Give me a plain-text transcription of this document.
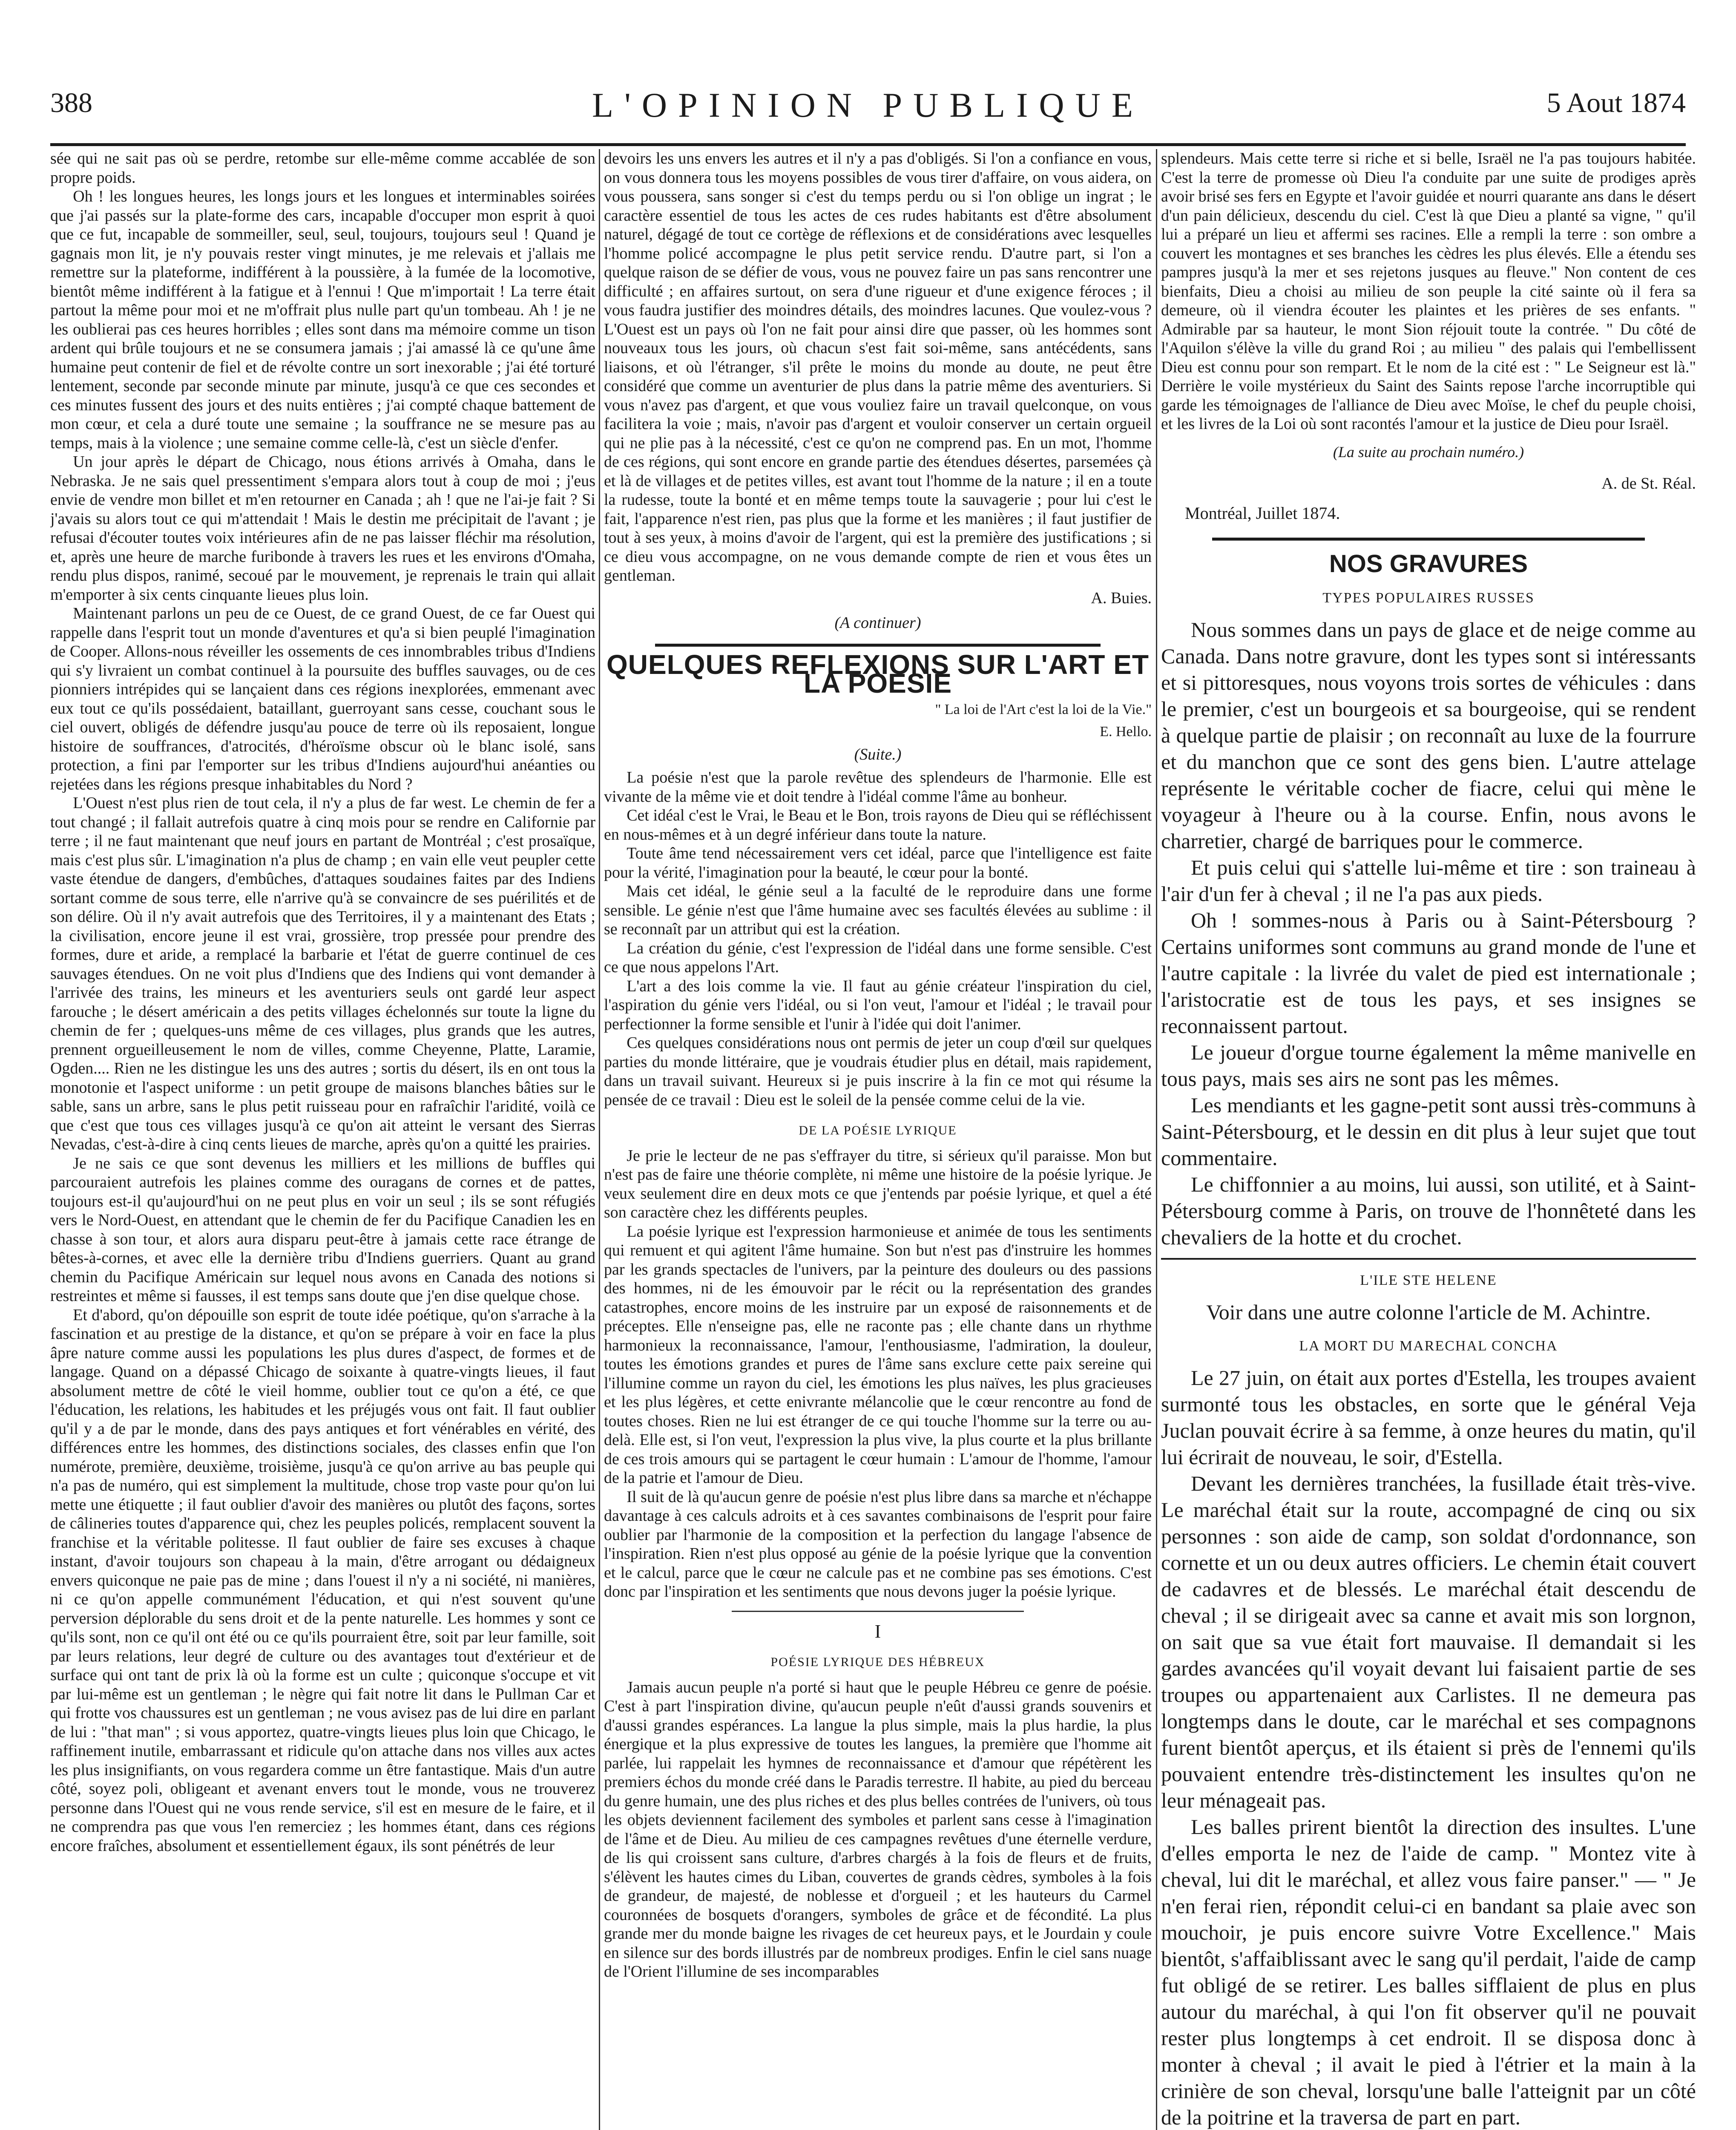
388	L'OPINION PUBLIQUE	5 Aout 1874

sée qui ne sait pas où se perdre, retombe sur elle-même comme accablée de son propre poids.

Oh ! les longues heures, les longs jours et les longues et interminables soirées que j'ai passés sur la plate-forme des cars, incapable d'occuper mon esprit à quoi que ce fut, incapable de sommeiller, seul, seul, toujours, toujours seul ! Quand je gagnais mon lit, je n'y pouvais rester vingt minutes, je me relevais et j'allais me remettre sur la plateforme, indifférent à la poussière, à la fumée de la locomotive, bientôt même indifférent à la fatigue et à l'ennui ! Que m'importait ! La terre était partout la même pour moi et ne m'offrait plus nulle part qu'un tombeau. Ah ! je ne les oublierai pas ces heures horribles ; elles sont dans ma mémoire comme un tison ardent qui brûle toujours et ne se consumera jamais ; j'ai amassé là ce qu'une âme humaine peut contenir de fiel et de révolte contre un sort inexorable ; j'ai été torturé lentement, seconde par seconde minute par minute, jusqu'à ce que ces secondes et ces minutes fussent des jours et des nuits entières ; j'ai compté chaque battement de mon cœur, et cela a duré toute une semaine ; la souffrance ne se mesure pas au temps, mais à la violence ; une semaine comme celle-là, c'est un siècle d'enfer.

Un jour après le départ de Chicago, nous étions arrivés à Omaha, dans le Nebraska. Je ne sais quel pressentiment s'empara alors tout à coup de moi ; j'eus envie de vendre mon billet et m'en retourner en Canada ; ah ! que ne l'ai-je fait ? Si j'avais su alors tout ce qui m'attendait ! Mais le destin me précipitait de l'avant ; je refusai d'écouter toutes voix intérieures afin de ne pas laisser fléchir ma résolution, et, après une heure de marche furibonde à travers les rues et les environs d'Omaha, rendu plus dispos, ranimé, secoué par le mouvement, je reprenais le train qui allait m'emporter à six cents cinquante lieues plus loin.

Maintenant parlons un peu de ce Ouest, de ce grand Ouest, de ce far Ouest qui rappelle dans l'esprit tout un monde d'aventures et qu'a si bien peuplé l'imagination de Cooper. Allons-nous réveiller les ossements de ces innombrables tribus d'Indiens qui s'y livraient un combat continuel à la poursuite des buffles sauvages, ou de ces pionniers intrépides qui se lançaient dans ces régions inexplorées, emmenant avec eux tout ce qu'ils possédaient, bataillant, guerroyant sans cesse, couchant sous le ciel ouvert, obligés de défendre jusqu'au pouce de terre où ils reposaient, longue histoire de souffrances, d'atrocités, d'héroïsme obscur où le blanc isolé, sans protection, a fini par l'emporter sur les tribus d'Indiens aujourd'hui anéanties ou rejetées dans les régions presque inhabitables du Nord ?

L'Ouest n'est plus rien de tout cela, il n'y a plus de far west. Le chemin de fer a tout changé ; il fallait autrefois quatre à cinq mois pour se rendre en Californie par terre ; il ne faut maintenant que neuf jours en partant de Montréal ; c'est prosaïque, mais c'est plus sûr. L'imagination n'a plus de champ ; en vain elle veut peupler cette vaste étendue de dangers, d'embûches, d'attaques soudaines faites par des Indiens sortant comme de sous terre, elle n'arrive qu'à se convaincre de ses puérilités et de son délire. Où il n'y avait autrefois que des Territoires, il y a maintenant des Etats ; la civilisation, encore jeune il est vrai, grossière, trop pressée pour prendre des formes, dure et aride, a remplacé la barbarie et l'état de guerre continuel de ces sauvages étendues. On ne voit plus d'Indiens que des Indiens qui vont demander à l'arrivée des trains, les mineurs et les aventuriers seuls ont gardé leur aspect farouche ; le désert américain a des petits villages échelonnés sur toute la ligne du chemin de fer ; quelques-uns même de ces villages, plus grands que les autres, prennent orgueilleusement le nom de villes, comme Cheyenne, Platte, Laramie, Ogden.... Rien ne les distingue les uns des autres ; sortis du désert, ils en ont tous la monotonie et l'aspect uniforme : un petit groupe de maisons blanches bâties sur le sable, sans un arbre, sans le plus petit ruisseau pour en rafraîchir l'aridité, voilà ce que c'est que tous ces villages jusqu'à ce qu'on ait atteint le versant des Sierras Nevadas, c'est-à-dire à cinq cents lieues de marche, après qu'on a quitté les prairies.

Je ne sais ce que sont devenus les milliers et les millions de buffles qui parcouraient autrefois les plaines comme des ouragans de cornes et de pattes, toujours est-il qu'aujourd'hui on ne peut plus en voir un seul ; ils se sont réfugiés vers le Nord-Ouest, en attendant que le chemin de fer du Pacifique Canadien les en chasse à son tour, et alors aura disparu peut-être à jamais cette race étrange de bêtes-à-cornes, et avec elle la dernière tribu d'Indiens guerriers. Quant au grand chemin du Pacifique Américain sur lequel nous avons en Canada des notions si restreintes et même si fausses, il est temps sans doute que j'en dise quelque chose.

Et d'abord, qu'on dépouille son esprit de toute idée poétique, qu'on s'arrache à la fascination et au prestige de la distance, et qu'on se prépare à voir en face la plus âpre nature comme aussi les populations les plus dures d'aspect, de formes et de langage. Quand on a dépassé Chicago de soixante à quatre-vingts lieues, il faut absolument mettre de côté le vieil homme, oublier tout ce qu'on a été, ce que l'éducation, les relations, les habitudes et les préjugés vous ont fait. Il faut oublier qu'il y a de par le monde, dans des pays antiques et fort vénérables en vérité, des différences entre les hommes, des distinctions sociales, des classes enfin que l'on numérote, première, deuxième, troisième, jusqu'à ce qu'on arrive au bas peuple qui n'a pas de numéro, qui est simplement la multitude, chose trop vaste pour qu'on lui mette une étiquette ; il faut oublier d'avoir des manières ou plutôt des façons, sortes de câlineries toutes d'apparence qui, chez les peuples policés, remplacent souvent la franchise et la véritable politesse. Il faut oublier de faire ses excuses à chaque instant, d'avoir toujours son chapeau à la main, d'être arrogant ou dédaigneux envers quiconque ne paie pas de mine ; dans l'ouest il n'y a ni société, ni manières, ni ce qu'on appelle communément l'éducation, et qui n'est souvent qu'une perversion déplorable du sens droit et de la pente naturelle. Les hommes y sont ce qu'ils sont, non ce qu'il ont été ou ce qu'ils pourraient être, soit par leur famille, soit par leurs relations, leur degré de culture ou des avantages tout d'extérieur et de surface qui ont tant de prix là où la forme est un culte ; quiconque s'occupe et vit par lui-même est un gentleman ; le nègre qui fait notre lit dans le Pullman Car et qui frotte vos chaussures est un gentleman ; ne vous avisez pas de lui dire en parlant de lui : "that man" ; si vous apportez, quatre-vingts lieues plus loin que Chicago, le raffinement inutile, embarrassant et ridicule qu'on attache dans nos villes aux actes les plus insignifiants, on vous regardera comme un être fantastique. Mais d'un autre côté, soyez poli, obligeant et avenant envers tout le monde, vous ne trouverez personne dans l'Ouest qui ne vous rende service, s'il est en mesure de le faire, et il ne comprendra pas que vous l'en remerciez ; les hommes étant, dans ces régions encore fraîches, absolument et essentiellement égaux, ils sont pénétrés de leur

devoirs les uns envers les autres et il n'y a pas d'obligés. Si l'on a confiance en vous, on vous donnera tous les moyens possibles de vous tirer d'affaire, on vous aidera, on vous poussera, sans songer si c'est du temps perdu ou si l'on oblige un ingrat ; le caractère essentiel de tous les actes de ces rudes habitants est d'être absolument naturel, dégagé de tout ce cortège de réflexions et de considérations avec lesquelles l'homme policé accompagne le plus petit service rendu. D'autre part, si l'on a quelque raison de se défier de vous, vous ne pouvez faire un pas sans rencontrer une difficulté ; en affaires surtout, on sera d'une rigueur et d'une exigence féroces ; il vous faudra justifier des moindres détails, des moindres lacunes. Que voulez-vous ? L'Ouest est un pays où l'on ne fait pour ainsi dire que passer, où les hommes sont nouveaux tous les jours, où chacun s'est fait soi-même, sans antécédents, sans liaisons, et où l'étranger, s'il prête le moins du monde au doute, ne peut être considéré que comme un aventurier de plus dans la patrie même des aventuriers. Si vous n'avez pas d'argent, et que vous vouliez faire un travail quelconque, on vous facilitera la voie ; mais, n'avoir pas d'argent et vouloir conserver un certain orgueil qui ne plie pas à la nécessité, c'est ce qu'on ne comprend pas. En un mot, l'homme de ces régions, qui sont encore en grande partie des étendues désertes, parsemées çà et là de villages et de petites villes, est avant tout l'homme de la nature ; il en a toute la rudesse, toute la bonté et en même temps toute la sauvagerie ; pour lui c'est le fait, l'apparence n'est rien, pas plus que la forme et les manières ; il faut justifier de tout à ses yeux, à moins d'avoir de l'argent, qui est la première des justifications ; si ce dieu vous accompagne, on ne vous demande compte de rien et vous êtes un gentleman.

A. Buies.
(A continuer)
QUELQUES REFLEXIONS SUR L'ART ET LA POESIE
" La loi de l'Art c'est la loi de la Vie."
E. Hello.
(Suite.)

La poésie n'est que la parole revêtue des splendeurs de l'harmonie. Elle est vivante de la même vie et doit tendre à l'idéal comme l'âme au bonheur.

Cet idéal c'est le Vrai, le Beau et le Bon, trois rayons de Dieu qui se réfléchissent en nous-mêmes et à un degré inférieur dans toute la nature.

Toute âme tend nécessairement vers cet idéal, parce que l'intelligence est faite pour la vérité, l'imagination pour la beauté, le cœur pour la bonté.

Mais cet idéal, le génie seul a la faculté de le reproduire dans une forme sensible. Le génie n'est que l'âme humaine avec ses facultés élevées au sublime : il se reconnaît par un attribut qui est la création.

La création du génie, c'est l'expression de l'idéal dans une forme sensible. C'est ce que nous appelons l'Art.

L'art a des lois comme la vie. Il faut au génie créateur l'inspiration du ciel, l'aspiration du génie vers l'idéal, ou si l'on veut, l'amour et l'idéal ; le travail pour perfectionner la forme sensible et l'unir à l'idée qui doit l'animer.

Ces quelques considérations nous ont permis de jeter un coup d'œil sur quelques parties du monde littéraire, que je voudrais étudier plus en détail, mais rapidement, dans un travail suivant. Heureux si je puis inscrire à la fin ce mot qui résume la pensée de ce travail : Dieu est le soleil de la pensée comme celui de la vie.

DE LA POÉSIE LYRIQUE

Je prie le lecteur de ne pas s'effrayer du titre, si sérieux qu'il paraisse. Mon but n'est pas de faire une théorie complète, ni même une histoire de la poésie lyrique. Je veux seulement dire en deux mots ce que j'entends par poésie lyrique, et quel a été son caractère chez les différents peuples.

La poésie lyrique est l'expression harmonieuse et animée de tous les sentiments qui remuent et qui agitent l'âme humaine. Son but n'est pas d'instruire les hommes par les grands spectacles de l'univers, par la peinture des douleurs ou des passions des hommes, ni de les émouvoir par le récit ou la représentation des grandes catastrophes, encore moins de les instruire par un exposé de raisonnements et de préceptes. Elle n'enseigne pas, elle ne raconte pas ; elle chante dans un rhythme harmonieux la reconnaissance, l'amour, l'enthousiasme, l'admiration, la douleur, toutes les émotions grandes et pures de l'âme sans exclure cette paix sereine qui l'illumine comme un rayon du ciel, les émotions les plus naïves, les plus gracieuses et les plus légères, et cette enivrante mélancolie que le cœur rencontre au fond de toutes choses. Rien ne lui est étranger de ce qui touche l'homme sur la terre ou au-delà. Elle est, si l'on veut, l'expression la plus vive, la plus courte et la plus brillante de ces trois amours qui se partagent le cœur humain : L'amour de l'homme, l'amour de la patrie et l'amour de Dieu.

Il suit de là qu'aucun genre de poésie n'est plus libre dans sa marche et n'échappe davantage à ces calculs adroits et à ces savantes combinaisons de l'esprit pour faire oublier par l'harmonie de la composition et la perfection du langage l'absence de l'inspiration. Rien n'est plus opposé au génie de la poésie lyrique que la convention et le calcul, parce que le cœur ne calcule pas et ne combine pas ses émotions. C'est donc par l'inspiration et les sentiments que nous devons juger la poésie lyrique.

I
POÉSIE LYRIQUE DES HÉBREUX

Jamais aucun peuple n'a porté si haut que le peuple Hébreu ce genre de poésie. C'est à part l'inspiration divine, qu'aucun peuple n'eût d'aussi grands souvenirs et d'aussi grandes espérances. La langue la plus simple, mais la plus hardie, la plus énergique et la plus expressive de toutes les langues, la première que l'homme ait parlée, lui rappelait les hymnes de reconnaissance et d'amour que répétèrent les premiers échos du monde créé dans le Paradis terrestre. Il habite, au pied du berceau du genre humain, une des plus riches et des plus belles contrées de l'univers, où tous les objets deviennent facilement des symboles et parlent sans cesse à l'imagination de l'âme et de Dieu. Au milieu de ces campagnes revêtues d'une éternelle verdure, de lis qui croissent sans culture, d'arbres chargés à la fois de fleurs et de fruits, s'élèvent les hautes cimes du Liban, couvertes de grands cèdres, symboles à la fois de grandeur, de majesté, de noblesse et d'orgueil ; et les hauteurs du Carmel couronnées de bosquets d'orangers, symboles de grâce et de fécondité. La plus grande mer du monde baigne les rivages de cet heureux pays, et le Jourdain y coule en silence sur des bords illustrés par de nombreux prodiges. Enfin le ciel sans nuage de l'Orient l'illumine de ses incomparables

splendeurs. Mais cette terre si riche et si belle, Israël ne l'a pas toujours habitée. C'est la terre de promesse où Dieu l'a conduite par une suite de prodiges après avoir brisé ses fers en Egypte et l'avoir guidée et nourri quarante ans dans le désert d'un pain délicieux, descendu du ciel. C'est là que Dieu a planté sa vigne, " qu'il lui a préparé un lieu et affermi ses racines. Elle a rempli la terre : son ombre a couvert les montagnes et ses branches les cèdres les plus élevés. Elle a étendu ses pampres jusqu'à la mer et ses rejetons jusques au fleuve." Non content de ces bienfaits, Dieu a choisi au milieu de son peuple la cité sainte où il fera sa demeure, où il viendra écouter les plaintes et les prières de ses enfants. " Admirable par sa hauteur, le mont Sion réjouit toute la contrée. " Du côté de l'Aquilon s'élève la ville du grand Roi ; au milieu " des palais qui l'embellissent Dieu est connu pour son rempart. Et le nom de la cité est : " Le Seigneur est là." Derrière le voile mystérieux du Saint des Saints repose l'arche incorruptible qui garde les témoignages de l'alliance de Dieu avec Moïse, le chef du peuple choisi, et les livres de la Loi où sont racontés l'amour et la justice de Dieu pour Israël.

(La suite au prochain numéro.)
A. de St. Réal.

Montréal, Juillet 1874.

NOS GRAVURES
TYPES POPULAIRES RUSSES

Nous sommes dans un pays de glace et de neige comme au Canada. Dans notre gravure, dont les types sont si intéressants et si pittoresques, nous voyons trois sortes de véhicules : dans le premier, c'est un bourgeois et sa bourgeoise, qui se rendent à quelque partie de plaisir ; on reconnaît au luxe de la fourrure et du manchon que ce sont des gens bien. L'autre attelage représente le véritable cocher de fiacre, celui qui mène le voyageur à l'heure ou à la course. Enfin, nous avons le charretier, chargé de barriques pour le commerce.

Et puis celui qui s'attelle lui-même et tire : son traineau à l'air d'un fer à cheval ; il ne l'a pas aux pieds.

Oh ! sommes-nous à Paris ou à Saint-Pétersbourg ? Certains uniformes sont communs au grand monde de l'une et l'autre capitale : la livrée du valet de pied est internationale ; l'aristocratie est de tous les pays, et ses insignes se reconnaissent partout.

Le joueur d'orgue tourne également la même manivelle en tous pays, mais ses airs ne sont pas les mêmes.

Les mendiants et les gagne-petit sont aussi très-communs à Saint-Pétersbourg, et le dessin en dit plus à leur sujet que tout commentaire.

Le chiffonnier a au moins, lui aussi, son utilité, et à Saint-Pétersbourg comme à Paris, on trouve de l'honnêteté dans les chevaliers de la hotte et du crochet.

L'ILE STE HELENE
Voir dans une autre colonne l'article de M. Achintre.
LA MORT DU MARECHAL CONCHA

Le 27 juin, on était aux portes d'Estella, les troupes avaient surmonté tous les obstacles, en sorte que le général Veja Juclan pouvait écrire à sa femme, à onze heures du matin, qu'il lui écrirait de nouveau, le soir, d'Estella.

Devant les dernières tranchées, la fusillade était très-vive. Le maréchal était sur la route, accompagné de cinq ou six personnes : son aide de camp, son soldat d'ordonnance, son cornette et un ou deux autres officiers. Le chemin était couvert de cadavres et de blessés. Le maréchal était descendu de cheval ; il se dirigeait avec sa canne et avait mis son lorgnon, on sait que sa vue était fort mauvaise. Il demandait si les gardes avancées qu'il voyait devant lui faisaient partie de ses troupes ou appartenaient aux Carlistes. Il ne demeura pas longtemps dans le doute, car le maréchal et ses compagnons furent bientôt aperçus, et ils étaient si près de l'ennemi qu'ils pouvaient entendre très-distinctement les insultes qu'on ne leur ménageait pas.

Les balles prirent bientôt la direction des insultes. L'une d'elles emporta le nez de l'aide de camp. " Montez vite à cheval, lui dit le maréchal, et allez vous faire panser." — " Je n'en ferai rien, répondit celui-ci en bandant sa plaie avec son mouchoir, je puis encore suivre Votre Excellence." Mais bientôt, s'affaiblissant avec le sang qu'il perdait, l'aide de camp fut obligé de se retirer. Les balles sifflaient de plus en plus autour du maréchal, à qui l'on fit observer qu'il ne pouvait rester plus longtemps à cet endroit. Il se disposa donc à monter à cheval ; il avait le pied à l'étrier et la main à la crinière de son cheval, lorsqu'une balle l'atteignit par un côté de la poitrine et la traversa de part en part.
